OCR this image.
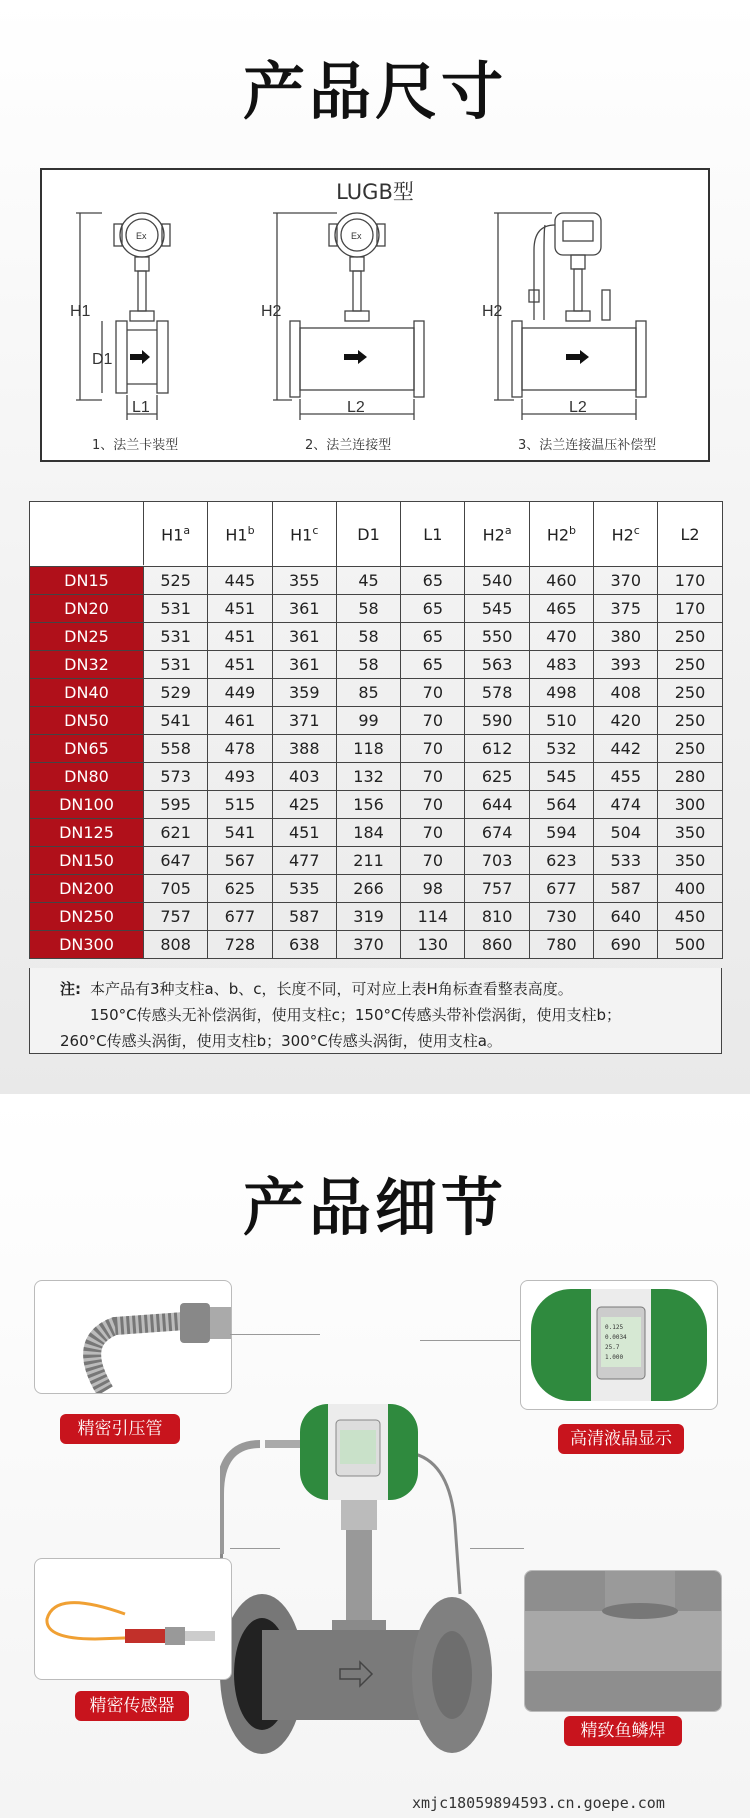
产品尺寸
LUGB型
H1
D1
L1
H2
L2
H2
L2
Ex	Ex
1、法兰卡装型	2、法兰连接型	3、法兰连接温压补偿型
口径
口径	H1$^a$	H1$^b$	H1$^c$	D1	L1	H2$^a$	H2$^b$	H2$^c$	L2
DN15	525	445	355	45	65	540	460	370	170
DN20	531	451	361	58	65	545	465	375	170
DN25	531	451	361	58	65	550	470	380	250
DN32	531	451	361	58	65	563	483	393	250
DN40	529	449	359	85	70	578	498	408	250
DN50	541	461	371	99	70	590	510	420	250
DN65	558	478	388	118	70	612	532	442	250
DN80	573	493	403	132	70	625	545	455	280
DN100	595	515	425	156	70	644	564	474	300
DN125	621	541	451	184	70	674	594	504	350
DN150	647	567	477	211	70	703	623	533	350
DN200	705	625	535	266	98	757	677	587	400
DN250	757	677	587	319	114	810	730	640	450
DN300	808	728	638	370	130	860	780	690	500
注: 本产品有3种支柱a、b、c，长度不同，可对应上表H角标查看整表高度。
150°C传感头无补偿涡街，使用支柱c；150°C传感头带补偿涡街，使用支柱b；
260°C传感头涡街，使用支柱b；300°C传感头涡街，使用支柱a。
产品细节
精密引压管
0.125
0.0034
25.7
1.000
高清液晶显示
精密传感器
精致鱼鳞焊
xmjc18059894593.cn.goepe.com
